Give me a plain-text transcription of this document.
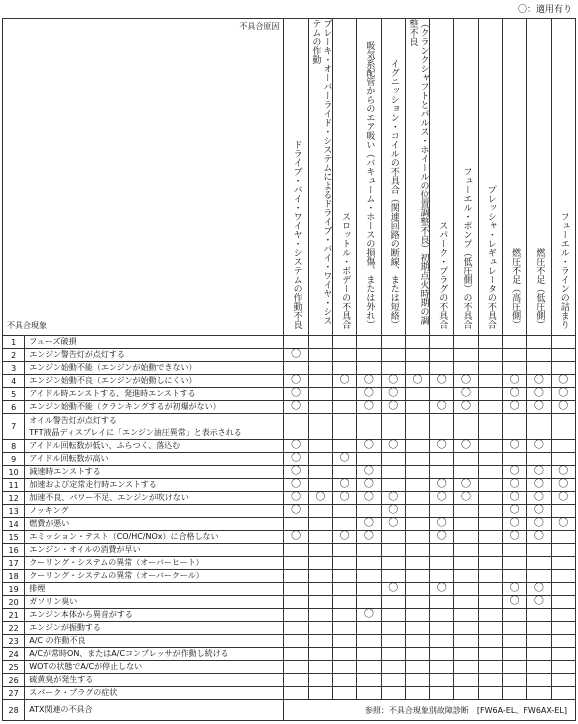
〇：適用有り
不具合原因
不具合現象		ドライブ・バイ・ワイヤ・システムの作動不良	ブレーキ・オーバーライド・システムによるドライブ・バイ・ワイヤ・システムの作動	スロットル・ボデーの不具合	吸気系配管からのエア吸い（バキューム・ホースの損傷、または外れ）	イグニッション・コイルの不具合（関連回路の断線、または短絡）	（クランクシャフトとパルス・ホイールの位置調整不良）初期点火時期の調整不良	スパーク・プラグの不具合	フューエル・ポンプ（低圧側）の不具合	プレッシャ・レギュレータの不具合	燃圧不足（高圧側）	燃圧不足（低圧側）	フューエル・ラインの詰まり

1	フューズ破損												

2	エンジン警告灯が点灯する	〇											
3	エンジン始動不能（エンジンが始動できない）												

4	エンジン始動不良（エンジンが始動しにくい）	〇		〇	〇	〇	〇	〇	〇		〇	〇	〇
5	アイドル時エンストする、発進時エンストする	〇			〇	〇			〇		〇	〇	〇
6	エンジン始動不能（クランキングするが初爆がない）	〇			〇	〇		〇	〇		〇	〇	〇
7	オイル警告灯が点灯する
TFT液晶ディスプレイに「エンジン油圧異常」と表示される												

8	アイドル回転数が低い、ふらつく、落込む	〇			〇	〇		〇	〇		〇	〇	
9	アイドル回転数が高い	〇		〇									
10	減速時エンストする	〇			〇						〇	〇	〇
11	加速および定常走行時エンストする	〇		〇	〇			〇	〇		〇	〇	〇
12	加速不良、パワー不足、エンジンが吹けない	〇	〇	〇	〇	〇		〇	〇		〇	〇	〇
13	ノッキング	〇				〇					〇	〇	
14	燃費が悪い				〇	〇		〇			〇	〇	〇
15	エミッション・テスト（CO/HC/NOx）に合格しない	〇		〇	〇			〇			〇	〇	
16	エンジン・オイルの消費が早い												

17	クーリング・システムの異常（オーバーヒート）												

18	クーリング・システムの異常（オーバークール）												

19	排煙					〇		〇			〇	〇	
20	ガソリン臭い										〇	〇	
21	エンジン本体から異音がする				〇								
22	エンジンが振動する												

23	A/C の作動不良												

24	A/Cが常時ON、またはA/Cコンプレッサが作動し続ける												

25	WOTの状態でA/Cが停止しない												

26	硫黄臭が発生する												

27	スパーク・プラグの症状												

28	ATX関連の不具合	参照：不具合現象別故障診断　[FW6A-EL、FW6AX-EL]											
